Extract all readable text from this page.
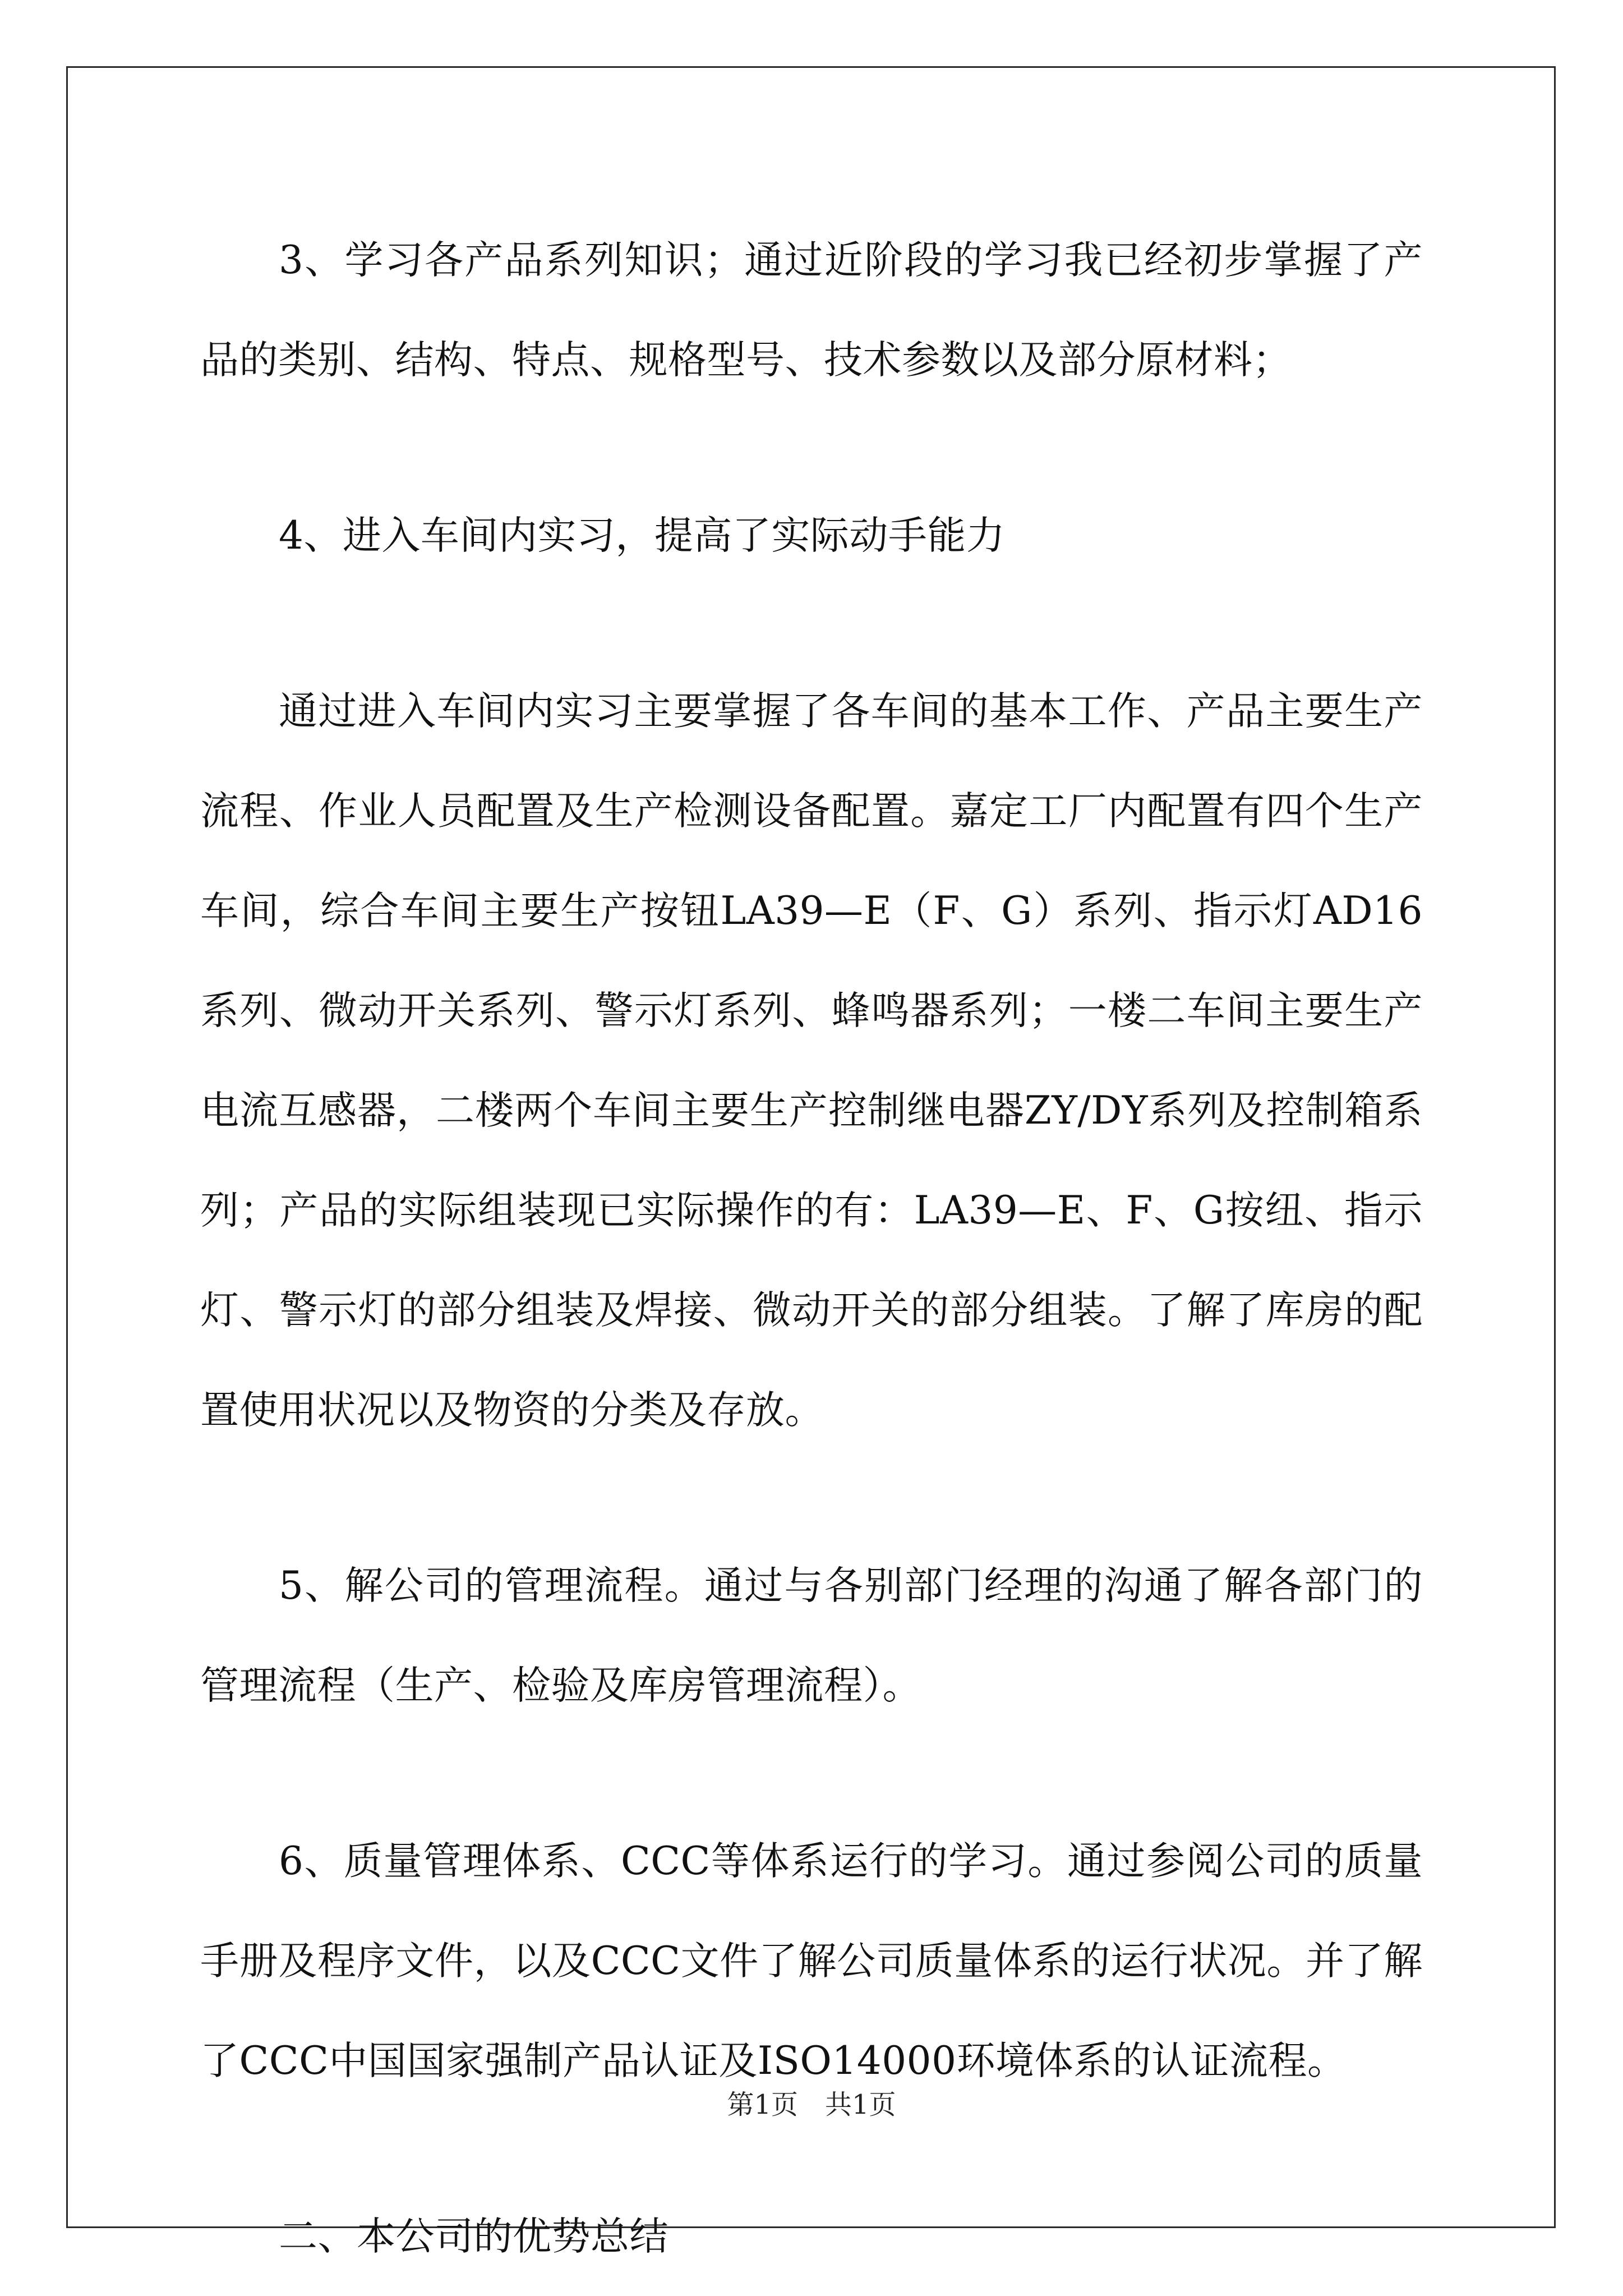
3、学习各产品系列知识；通过近阶段的学习我已经初步掌握了产品的类别、结构、特点、规格型号、技术参数以及部分原材料；

4、进入车间内实习，提高了实际动手能力

通过进入车间内实习主要掌握了各车间的基本工作、产品主要生产流程、作业人员配置及生产检测设备配置。嘉定工厂内配置有四个生产车间，综合车间主要生产按钮LA39—E（F、G）系列、指示灯AD16系列、微动开关系列、警示灯系列、蜂鸣器系列；一楼二车间主要生产电流互感器，二楼两个车间主要生产控制继电器ZY/DY系列及控制箱系列；产品的实际组装现已实际操作的有：LA39—E、F、G按纽、指示灯、警示灯的部分组装及焊接、微动开关的部分组装。了解了库房的配置使用状况以及物资的分类及存放。

5、解公司的管理流程。通过与各别部门经理的沟通了解各部门的管理流程（生产、检验及库房管理流程）。

6、质量管理体系、CCC等体系运行的学习。通过参阅公司的质量手册及程序文件，以及CCC文件了解公司质量体系的运行状况。并了解了CCC中国国家强制产品认证及ISO14000环境体系的认证流程。

二、本公司的优势总结

第1页 共1页
